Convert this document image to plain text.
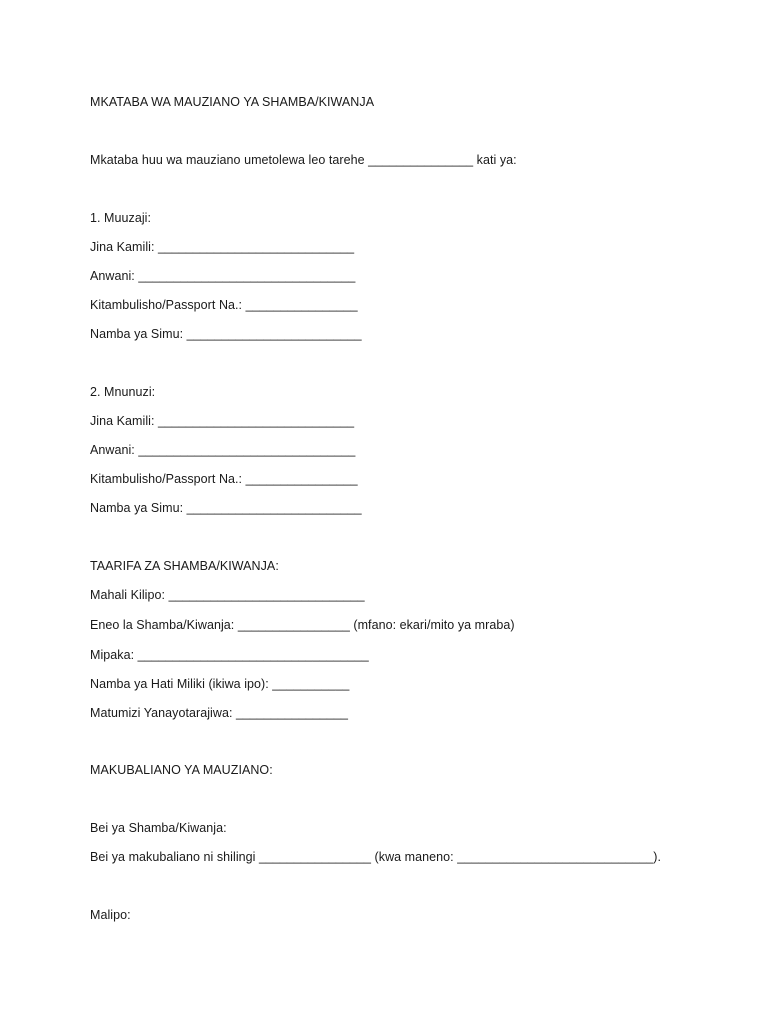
MKATABA WA MAUZIANO YA SHAMBA/KIWANJA
Mkataba huu wa mauziano umetolewa leo tarehe _______________ kati ya:
1. Muuzaji:
Jina Kamili: ____________________________
Anwani: _______________________________
Kitambulisho/Passport Na.: ________________
Namba ya Simu: _________________________
2. Mnunuzi:
Jina Kamili: ____________________________
Anwani: _______________________________
Kitambulisho/Passport Na.: ________________
Namba ya Simu: _________________________
TAARIFA ZA SHAMBA/KIWANJA:
Mahali Kilipo: ____________________________
Eneo la Shamba/Kiwanja: ________________ (mfano: ekari/mito ya mraba)
Mipaka: _________________________________
Namba ya Hati Miliki (ikiwa ipo): ___________
Matumizi Yanayotarajiwa: ________________
MAKUBALIANO YA MAUZIANO:
Bei ya Shamba/Kiwanja:
Bei ya makubaliano ni shilingi ________________ (kwa maneno: ____________________________).
Malipo:
